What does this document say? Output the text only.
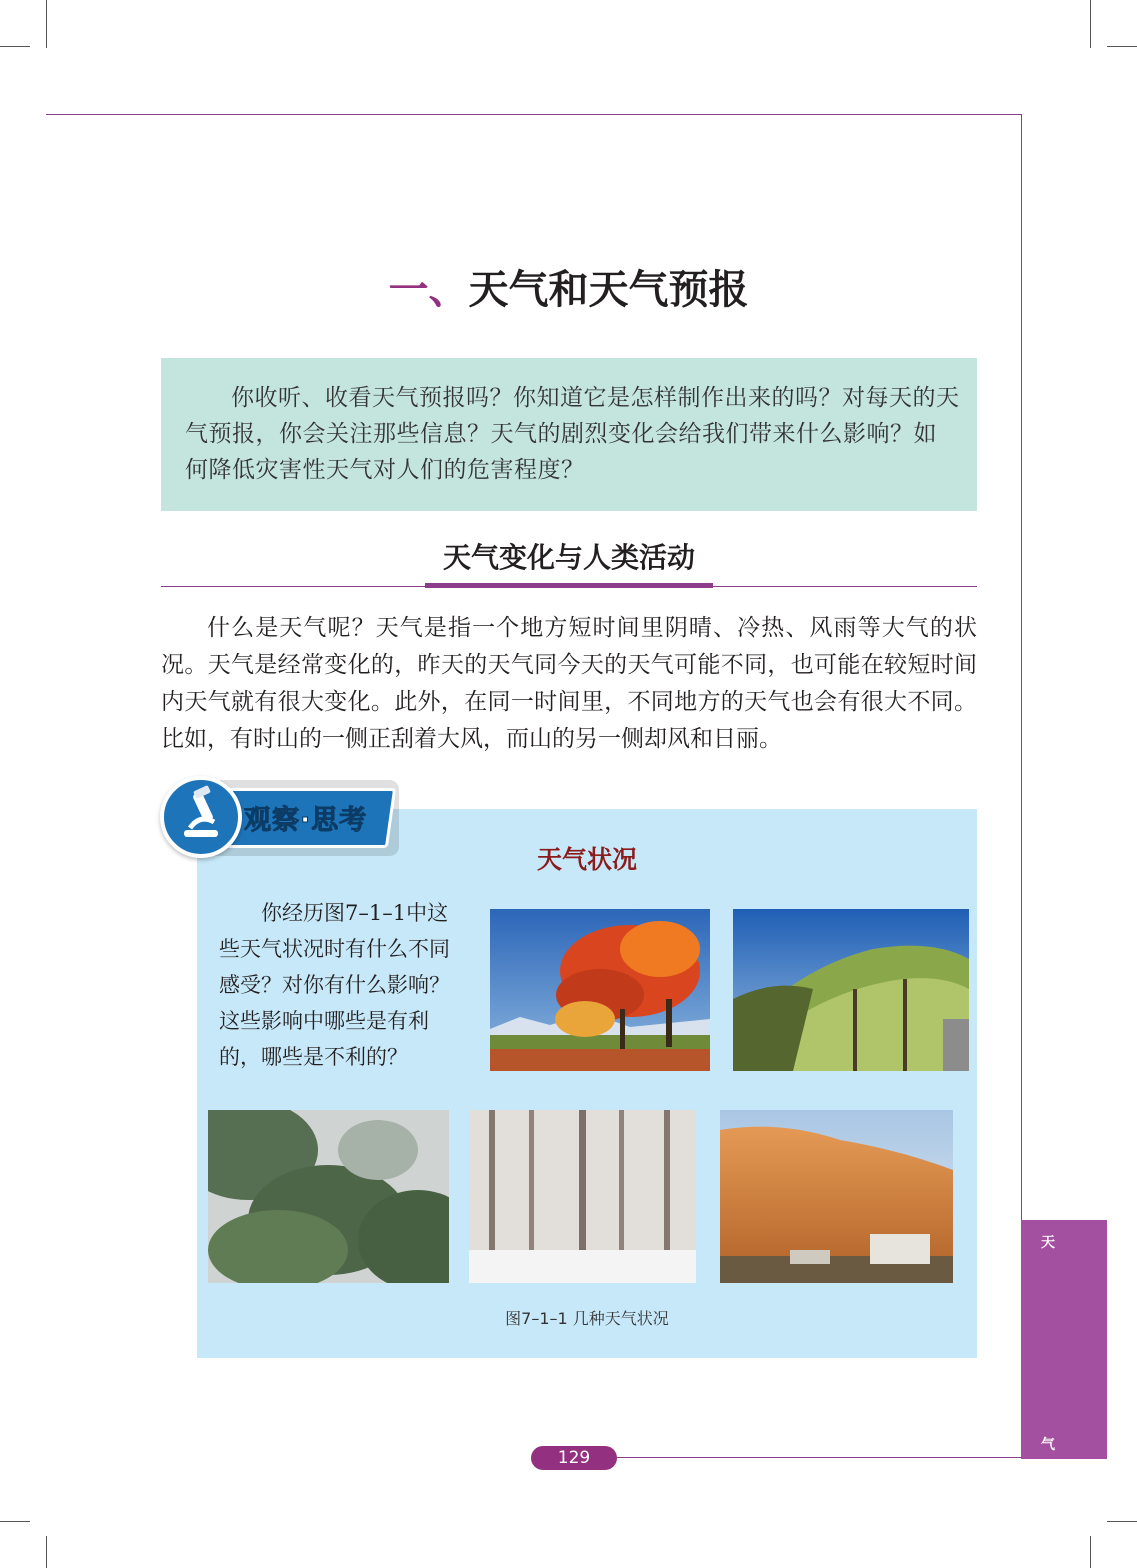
一、天气和天气预报
你收听、收看天气预报吗？你知道它是怎样制作出来的吗？对每天的天气预报，你会关注那些信息？天气的剧烈变化会给我们带来什么影响？如何降低灾害性天气对人们的危害程度？
天气变化与人类活动
什么是天气呢？天气是指一个地方短时间里阴晴、冷热、风雨等大气的状况。天气是经常变化的，昨天的天气同今天的天气可能不同，也可能在较短时间内天气就有很大变化。此外，在同一时间里，不同地方的天气也会有很大不同。比如，有时山的一侧正刮着大风，而山的另一侧却风和日丽。
观察·思考
天气状况
你经历图7–1–1中这些天气状况时有什么不同感受？对你有什么影响？这些影响中哪些是有利的，哪些是不利的？
图7–1–1 几种天气状况
天
气
129
